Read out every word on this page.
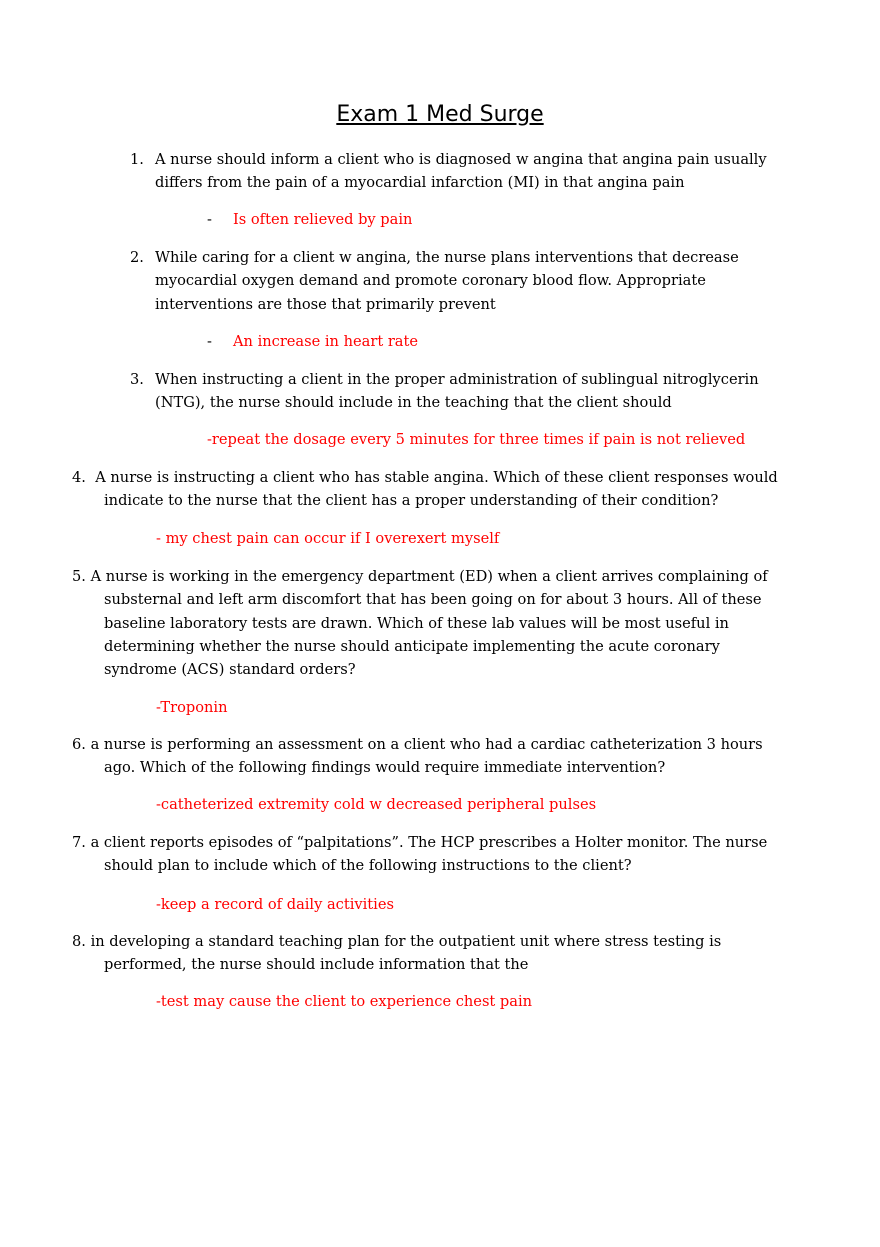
Exam 1 Med Surge
1. A nurse should inform a client who is diagnosed w angina that angina pain usually
differs from the pain of a myocardial infarction (MI) in that angina pain
- Is often relieved by pain
2. While caring for a client w angina, the nurse plans interventions that decrease
myocardial oxygen demand and promote coronary blood flow. Appropriate
interventions are those that primarily prevent
- An increase in heart rate
3. When instructing a client in the proper administration of sublingual nitroglycerin
(NTG), the nurse should include in the teaching that the client should
-repeat the dosage every 5 minutes for three times if pain is not relieved
4. A nurse is instructing a client who has stable angina. Which of these client responses would
indicate to the nurse that the client has a proper understanding of their condition?
- my chest pain can occur if I overexert myself
5. A nurse is working in the emergency department (ED) when a client arrives complaining of
substernal and left arm discomfort that has been going on for about 3 hours. All of these
baseline laboratory tests are drawn. Which of these lab values will be most useful in
determining whether the nurse should anticipate implementing the acute coronary
syndrome (ACS) standard orders?
-Troponin
6. a nurse is performing an assessment on a client who had a cardiac catheterization 3 hours
ago. Which of the following findings would require immediate intervention?
-catheterized extremity cold w decreased peripheral pulses
7. a client reports episodes of “palpitations”. The HCP prescribes a Holter monitor. The nurse
should plan to include which of the following instructions to the client?
-keep a record of daily activities
8. in developing a standard teaching plan for the outpatient unit where stress testing is
performed, the nurse should include information that the
-test may cause the client to experience chest pain
